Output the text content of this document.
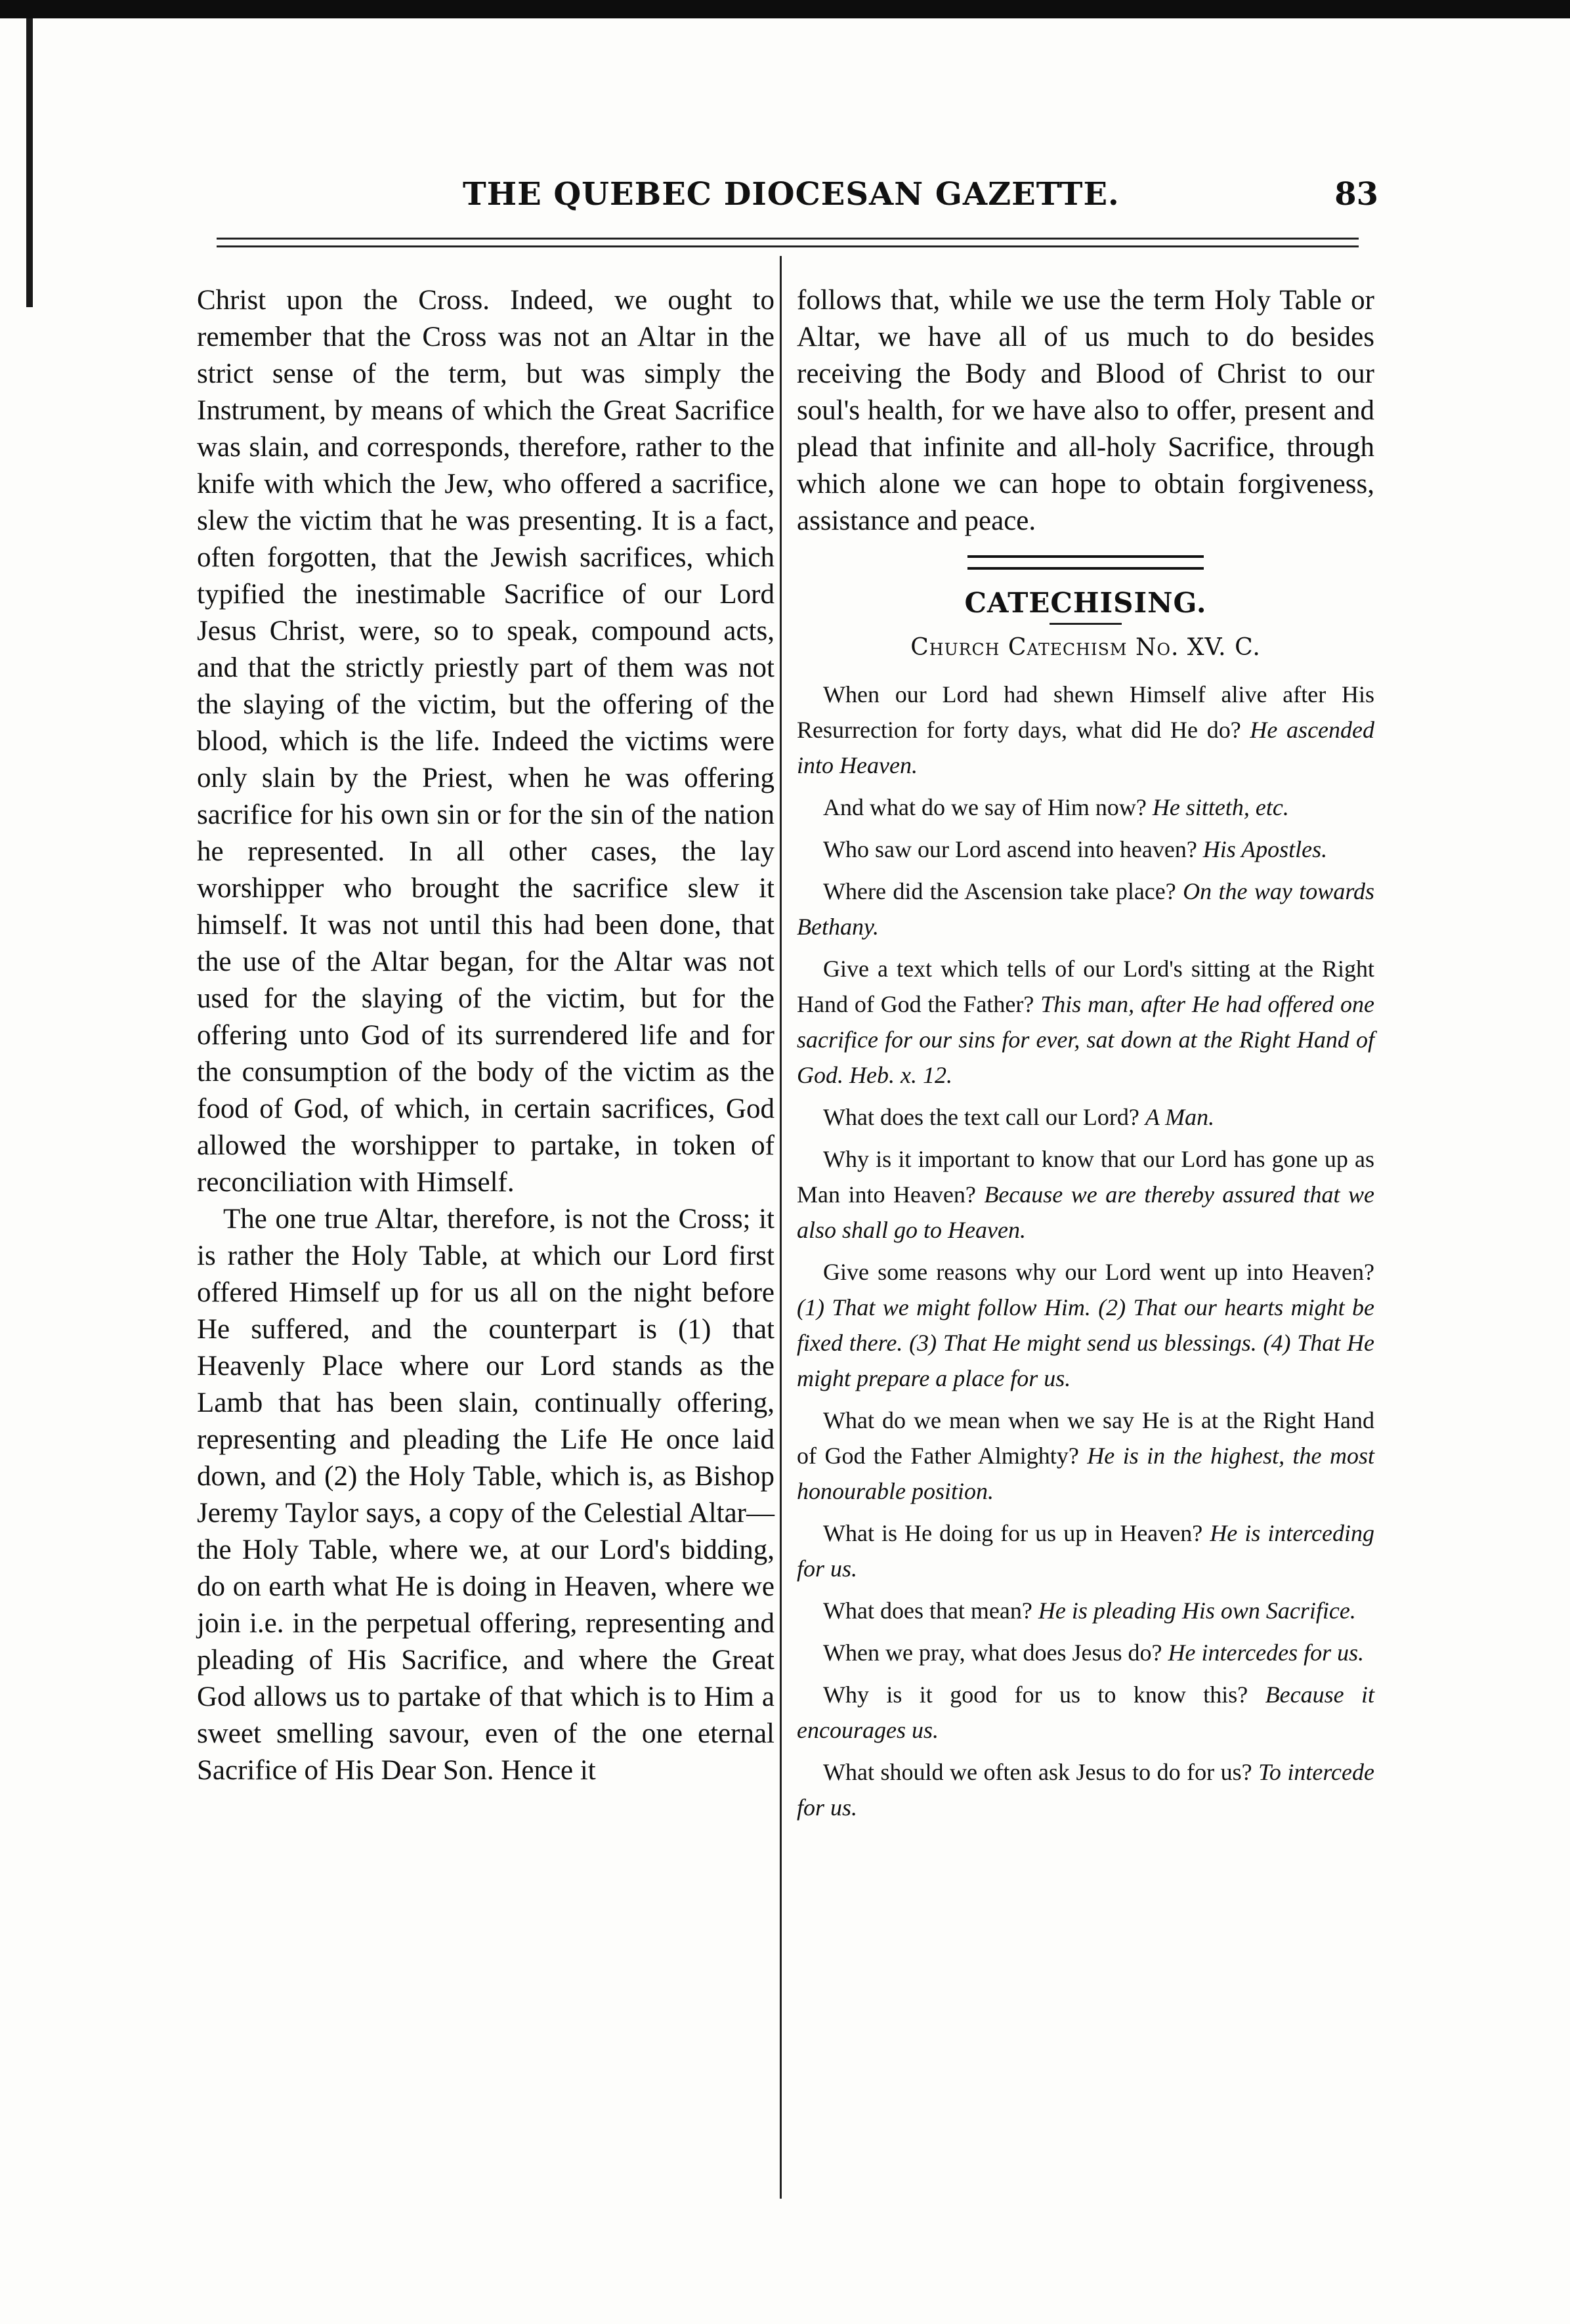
THE QUEBEC DIOCESAN GAZETTE.	83

Christ upon the Cross. Indeed, we ought to remember that the Cross was not an Altar in the strict sense of the term, but was simply the Instrument, by means of which the Great Sacrifice was slain, and corresponds, therefore, rather to the knife with which the Jew, who offered a sacrifice, slew the victim that he was presenting. It is a fact, often forgotten, that the Jewish sacrifices, which typified the inestimable Sacrifice of our Lord Jesus Christ, were, so to speak, compound acts, and that the strictly priestly part of them was not the slaying of the victim, but the offering of the blood, which is the life. Indeed the victims were only slain by the Priest, when he was offering sacrifice for his own sin or for the sin of the nation he represented. In all other cases, the lay worshipper who brought the sacrifice slew it himself. It was not until this had been done, that the use of the Altar began, for the Altar was not used for the slaying of the victim, but for the offering unto God of its surrendered life and for the consumption of the body of the victim as the food of God, of which, in certain sacrifices, God allowed the worshipper to partake, in token of reconciliation with Himself.

The one true Altar, therefore, is not the Cross; it is rather the Holy Table, at which our Lord first offered Himself up for us all on the night before He suffered, and the counterpart is (1) that Heavenly Place where our Lord stands as the Lamb that has been slain, continually offering, representing and pleading the Life He once laid down, and (2) the Holy Table, which is, as Bishop Jeremy Taylor says, a copy of the Celestial Altar—the Holy Table, where we, at our Lord's bidding, do on earth what He is doing in Heaven, where we join i.e. in the perpetual offering, representing and pleading of His Sacrifice, and where the Great God allows us to partake of that which is to Him a sweet smelling savour, even of the one eternal Sacrifice of His Dear Son. Hence it

follows that, while we use the term Holy Table or Altar, we have all of us much to do besides receiving the Body and Blood of Christ to our soul's health, for we have also to offer, present and plead that infinite and all-holy Sacrifice, through which alone we can hope to obtain forgiveness, assistance and peace.

CATECHISING.
Church Catechism No. XV. C.

When our Lord had shewn Himself alive after His Resurrection for forty days, what did He do? He ascended into Heaven.

And what do we say of Him now? He sitteth, etc.

Who saw our Lord ascend into heaven? His Apostles.

Where did the Ascension take place? On the way towards Bethany.

Give a text which tells of our Lord's sitting at the Right Hand of God the Father? This man, after He had offered one sacrifice for our sins for ever, sat down at the Right Hand of God. Heb. x. 12.

What does the text call our Lord? A Man.

Why is it important to know that our Lord has gone up as Man into Heaven? Because we are thereby assured that we also shall go to Heaven.

Give some reasons why our Lord went up into Heaven? (1) That we might follow Him. (2) That our hearts might be fixed there. (3) That He might send us blessings. (4) That He might prepare a place for us.

What do we mean when we say He is at the Right Hand of God the Father Almighty? He is in the highest, the most honourable position.

What is He doing for us up in Heaven? He is interceding for us.

What does that mean? He is pleading His own Sacrifice.

When we pray, what does Jesus do? He intercedes for us.

Why is it good for us to know this? Because it encourages us.

What should we often ask Jesus to do for us? To intercede for us.
